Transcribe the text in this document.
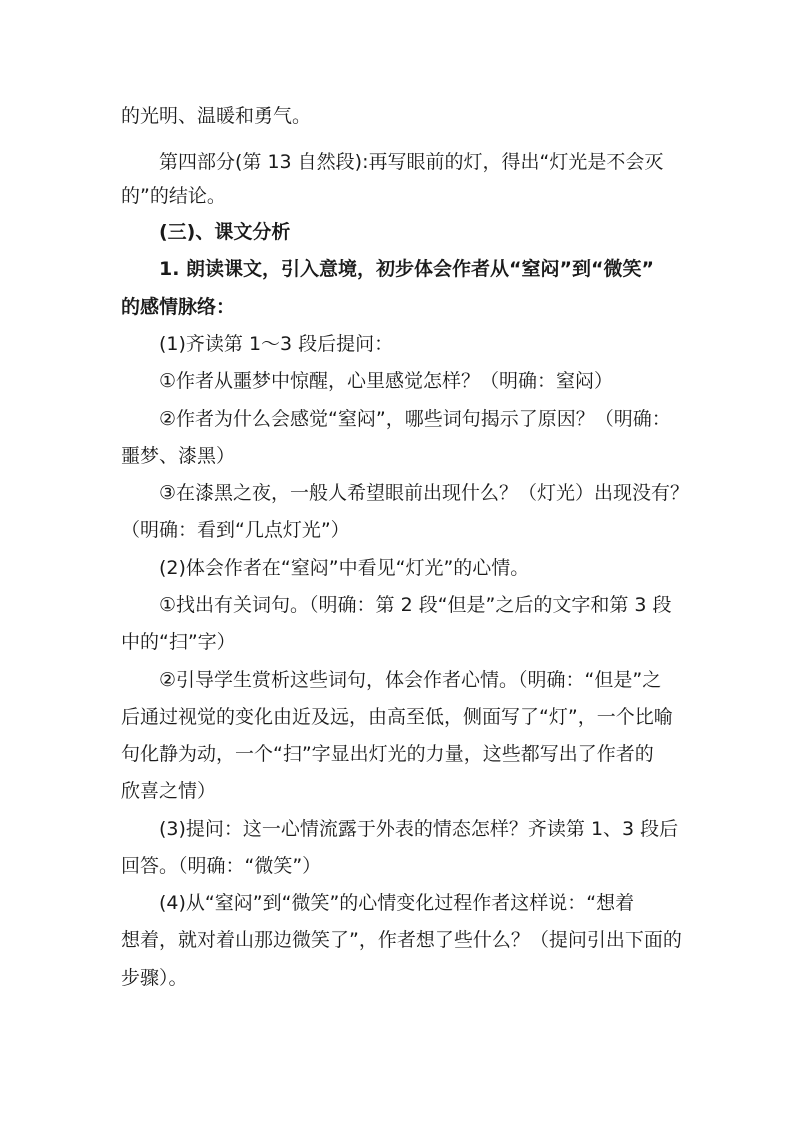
的光明、温暖和勇气。
第四部分(第 13 自然段):再写眼前的灯，得出“灯光是不会灭
的”的结论。
(三)、课文分析
1. 朗读课文，引入意境，初步体会作者从“窒闷”到“微笑”
的感情脉络：
(1)齐读第 1～3 段后提问：
①作者从噩梦中惊醒，心里感觉怎样？（明确：窒闷）
②作者为什么会感觉“窒闷”，哪些词句揭示了原因？（明确：
噩梦、漆黑）
③在漆黑之夜，一般人希望眼前出现什么？（灯光）出现没有？
（明确：看到“几点灯光”）
(2)体会作者在“窒闷”中看见“灯光”的心情。
①找出有关词句。（明确：第 2 段“但是”之后的文字和第 3 段
中的“扫”字）
②引导学生赏析这些词句，体会作者心情。（明确：“但是”之
后通过视觉的变化由近及远，由高至低，侧面写了“灯”，一个比喻
句化静为动，一个“扫”字显出灯光的力量，这些都写出了作者的
欣喜之情）
(3)提问：这一心情流露于外表的情态怎样？齐读第 1、3 段后
回答。（明确：“微笑”）
(4)从“窒闷”到“微笑”的心情变化过程作者这样说：“想着
想着，就对着山那边微笑了”，作者想了些什么？（提问引出下面的
步骤）。
